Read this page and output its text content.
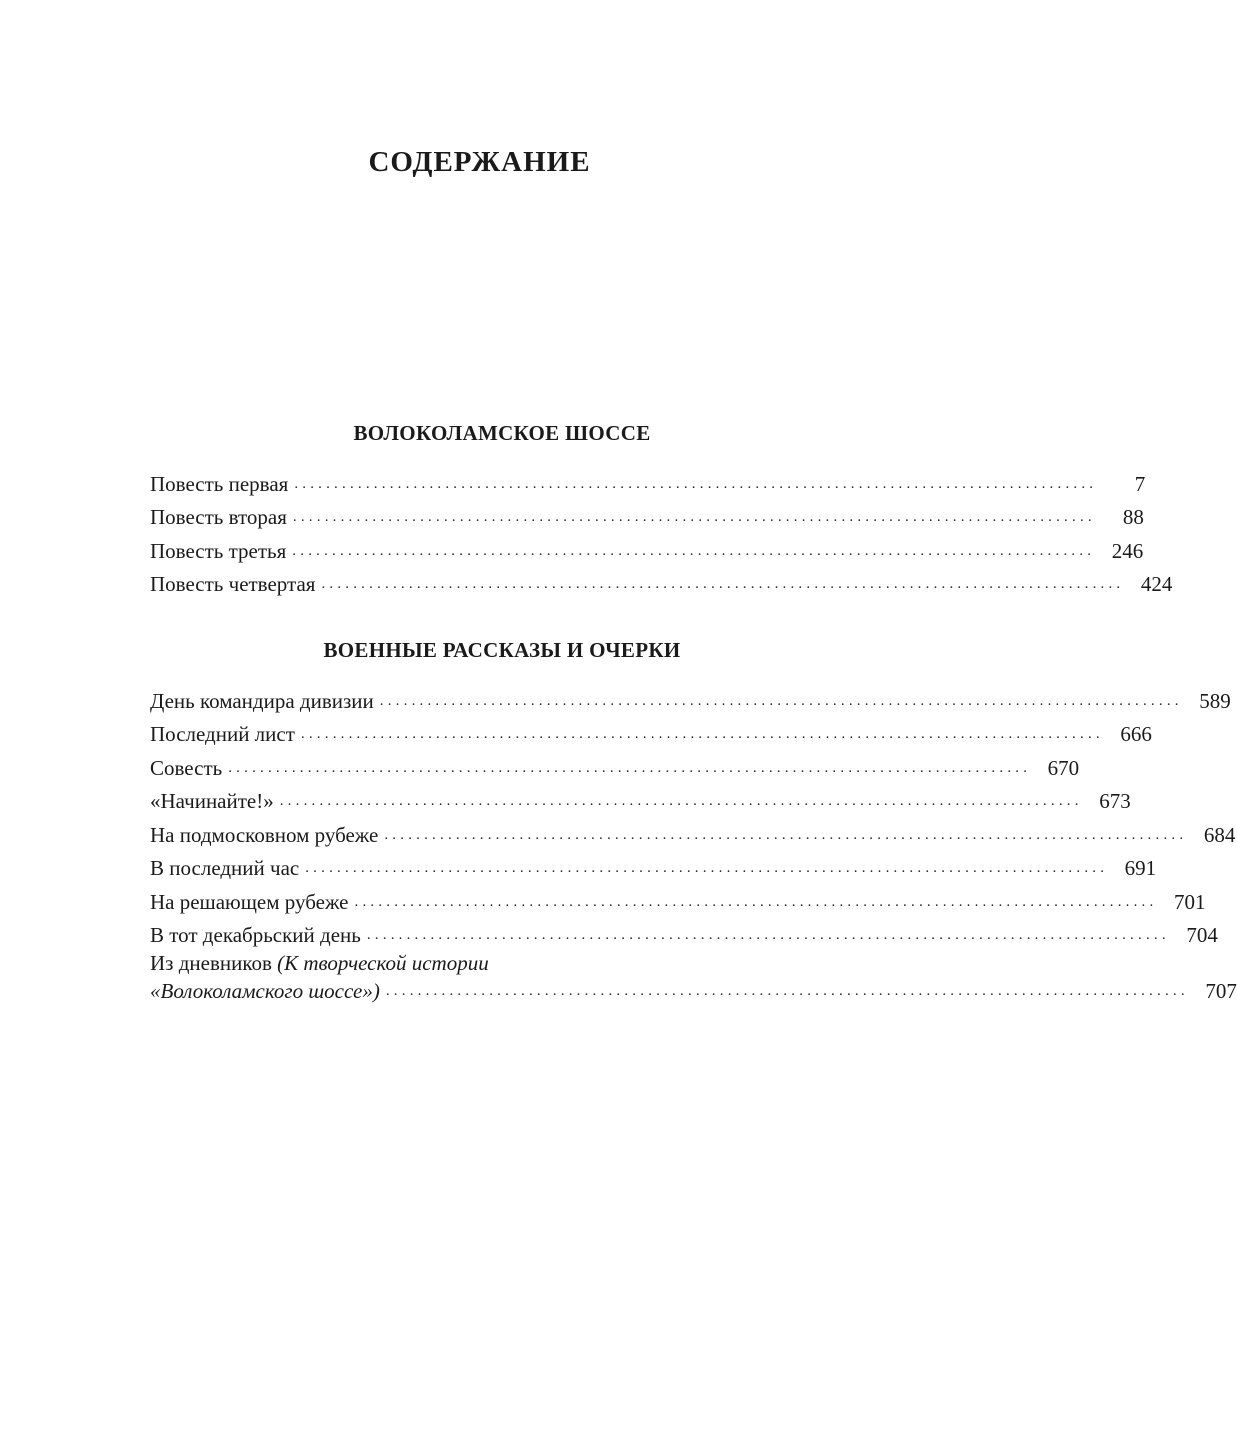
СОДЕРЖАНИЕ
ВОЛОКОЛАМСКОЕ ШОССЕ
Повесть первая .....................................................................................................	7
Повесть вторая .....................................................................................................	88
Повесть третья ..................................................................................................... 246
Повесть четвертая ..................................................................................................... 424
ВОЕННЫЕ РАССКАЗЫ И ОЧЕРКИ
День командира дивизии ..................................................................................................... 589
Последний лист ..................................................................................................... 666
Совесть ..................................................................................................... 670
«Начинайте!» ..................................................................................................... 673
На подмосковном рубеже ..................................................................................................... 684
В последний час ..................................................................................................... 691
На решающем рубеже ..................................................................................................... 701
В тот декабрьский день ..................................................................................................... 704
Из дневников (К творческой истории
«Волоколамского шоссе») ..................................................................................................... 707
